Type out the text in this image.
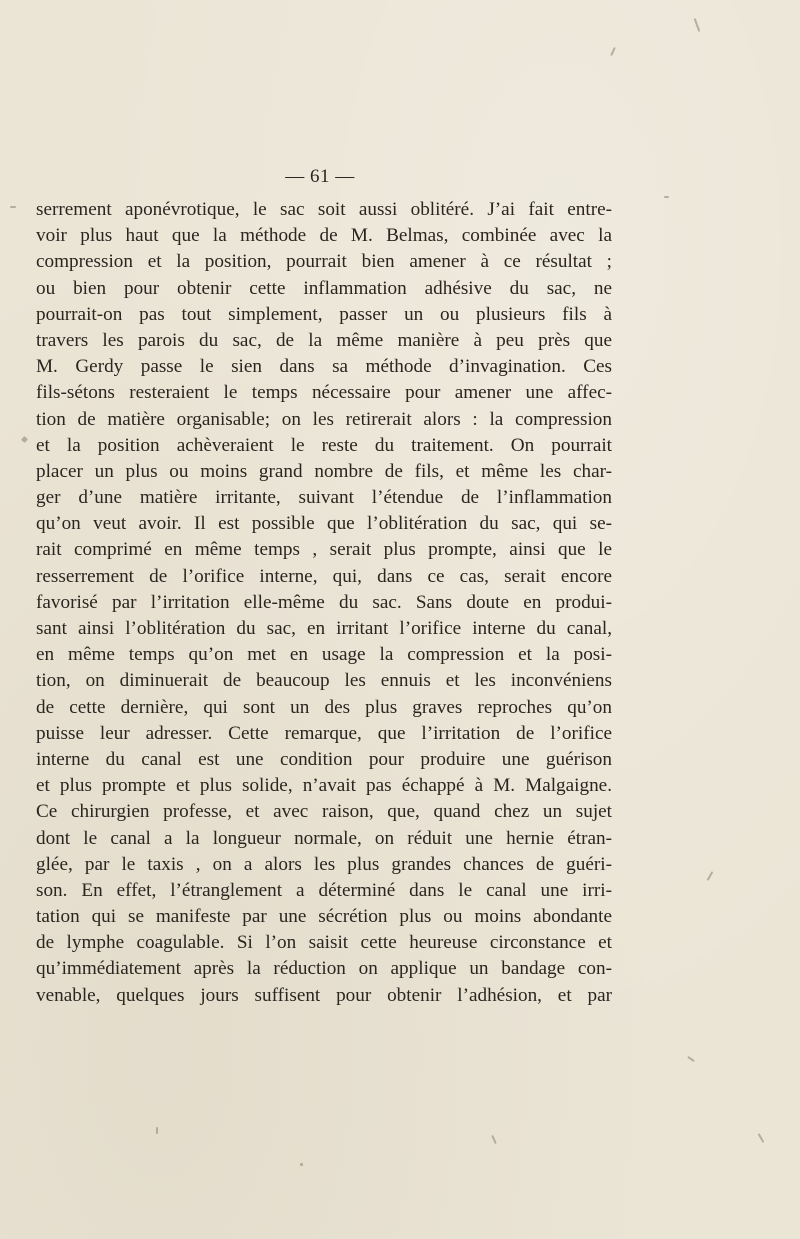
— 61 —
serrement aponévrotique, le sac soit aussi oblitéré. J’ai fait entre-
voir plus haut que la méthode de M. Belmas, combinée avec la
compression et la position, pourrait bien amener à ce résultat ;
ou bien pour obtenir cette inflammation adhésive du sac, ne
pourrait-on pas tout simplement, passer un ou plusieurs fils à
travers les parois du sac, de la même manière à peu près que
M. Gerdy passe le sien dans sa méthode d’invagination. Ces
fils-sétons resteraient le temps nécessaire pour amener une affec-
tion de matière organisable; on les retirerait alors : la compression
et la position achèveraient le reste du traitement. On pourrait
placer un plus ou moins grand nombre de fils, et même les char-
ger d’une matière irritante, suivant l’étendue de l’inflammation
qu’on veut avoir. Il est possible que l’oblitération du sac, qui se-
rait comprimé en même temps , serait plus prompte, ainsi que le
resserrement de l’orifice interne, qui, dans ce cas, serait encore
favorisé par l’irritation elle-même du sac. Sans doute en produi-
sant ainsi l’oblitération du sac, en irritant l’orifice interne du canal,
en même temps qu’on met en usage la compression et la posi-
tion, on diminuerait de beaucoup les ennuis et les inconvéniens
de cette dernière, qui sont un des plus graves reproches qu’on
puisse leur adresser. Cette remarque, que l’irritation de l’orifice
interne du canal est une condition pour produire une guérison
et plus prompte et plus solide, n’avait pas échappé à M. Malgaigne.
Ce chirurgien professe, et avec raison, que, quand chez un sujet
dont le canal a la longueur normale, on réduit une hernie étran-
glée, par le taxis , on a alors les plus grandes chances de guéri-
son. En effet, l’étranglement a déterminé dans le canal une irri-
tation qui se manifeste par une sécrétion plus ou moins abondante
de lymphe coagulable. Si l’on saisit cette heureuse circonstance et
qu’immédiatement après la réduction on applique un bandage con-
venable, quelques jours suffisent pour obtenir l’adhésion, et par
